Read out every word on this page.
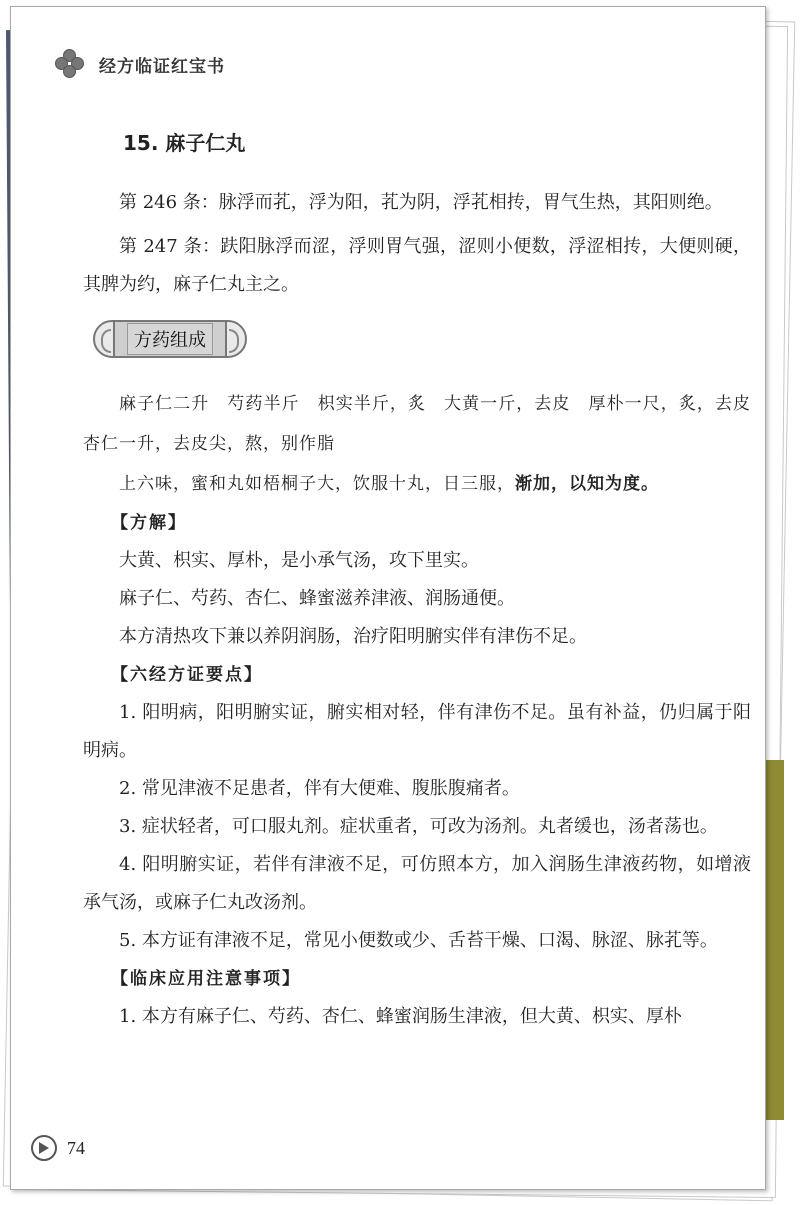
经方临证红宝书
15. 麻子仁丸

第 246 条：脉浮而芤，浮为阳，芤为阴，浮芤相抟，胃气生热，其阳则绝。

第 247 条：趺阳脉浮而涩，浮则胃气强，涩则小便数，浮涩相抟，大便则硬，其脾为约，麻子仁丸主之。

方药组成

麻子仁二升　芍药半斤　枳实半斤，炙　大黄一斤，去皮　厚朴一尺，炙，去皮　杏仁一升，去皮尖，熬，别作脂

上六味，蜜和丸如梧桐子大，饮服十丸，日三服，渐加，以知为度。

【方解】

大黄、枳实、厚朴，是小承气汤，攻下里实。

麻子仁、芍药、杏仁、蜂蜜滋养津液、润肠通便。

本方清热攻下兼以养阴润肠，治疗阳明腑实伴有津伤不足。

【六经方证要点】

1. 阳明病，阳明腑实证，腑实相对轻，伴有津伤不足。虽有补益，仍归属于阳明病。

2. 常见津液不足患者，伴有大便难、腹胀腹痛者。

3. 症状轻者，可口服丸剂。症状重者，可改为汤剂。丸者缓也，汤者荡也。

4. 阳明腑实证，若伴有津液不足，可仿照本方，加入润肠生津液药物，如增液承气汤，或麻子仁丸改汤剂。

5. 本方证有津液不足，常见小便数或少、舌苔干燥、口渴、脉涩、脉芤等。

【临床应用注意事项】

1. 本方有麻子仁、芍药、杏仁、蜂蜜润肠生津液，但大黄、枳实、厚朴

74
